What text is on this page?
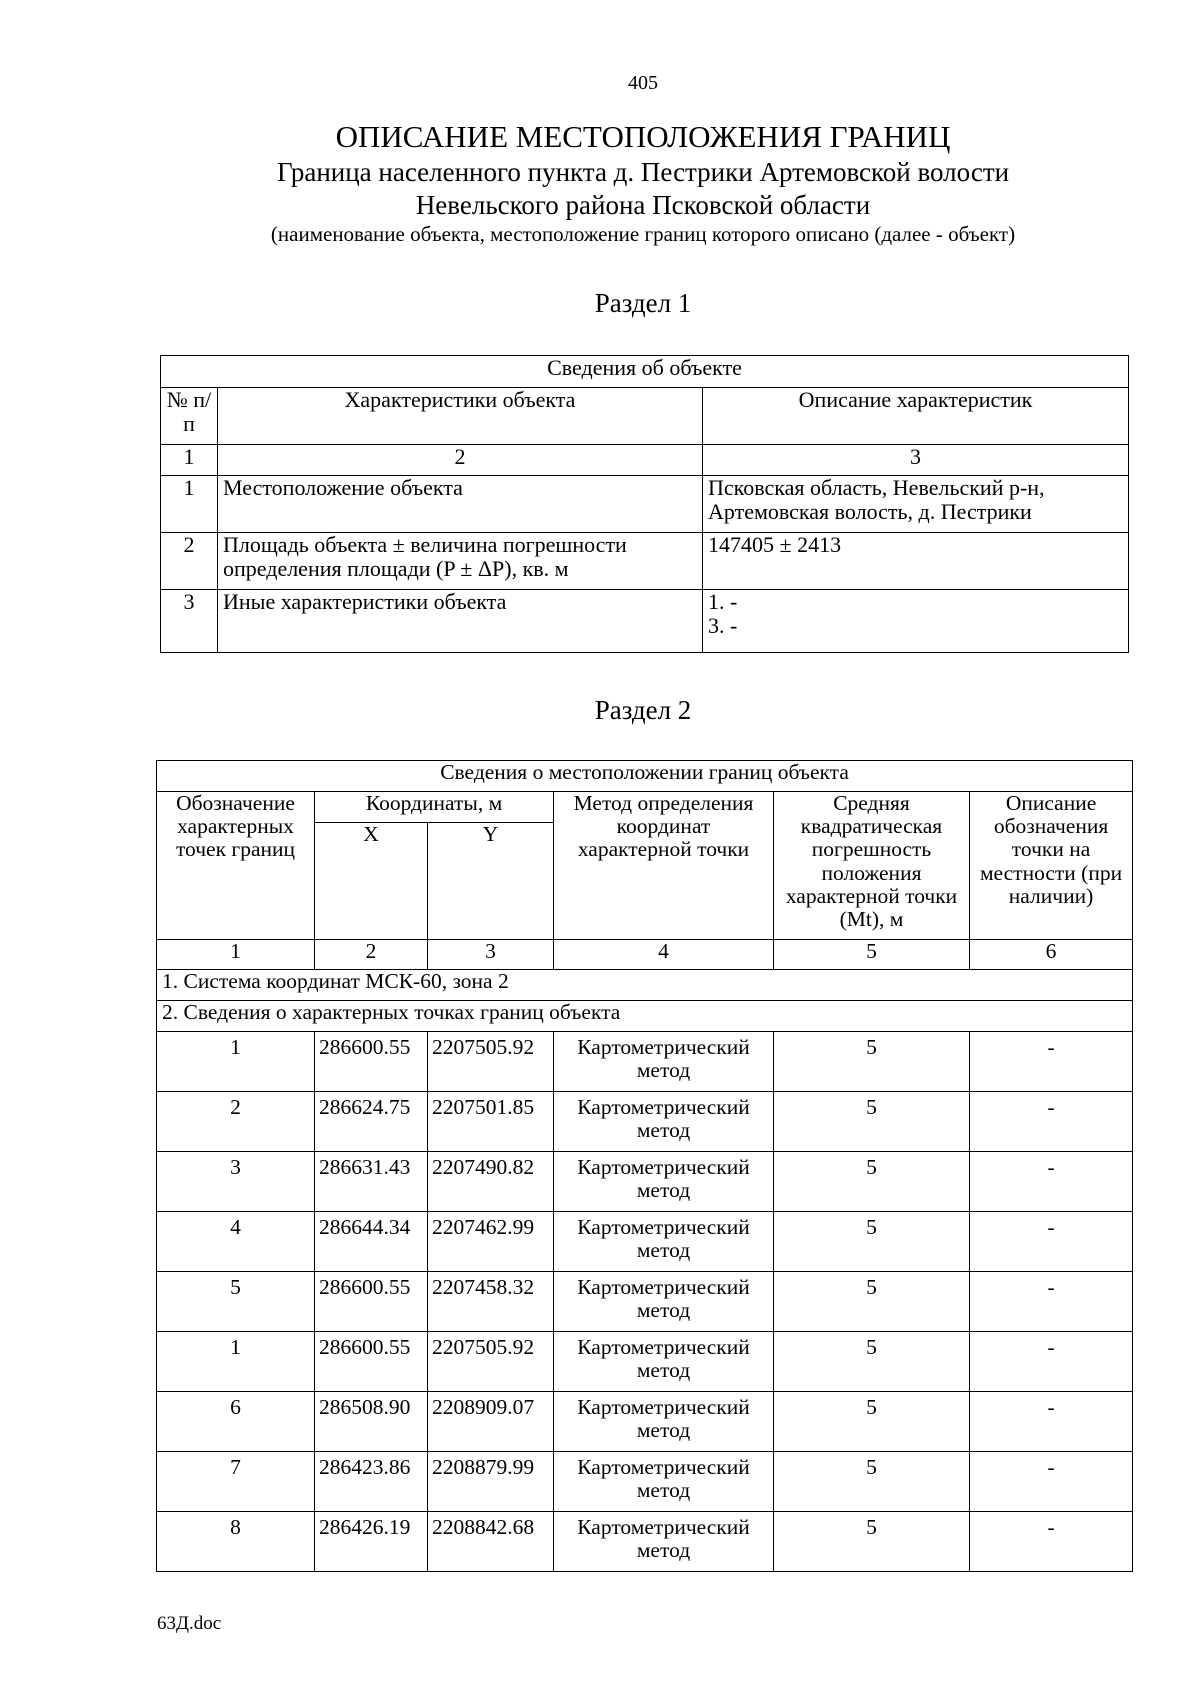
405
ОПИСАНИЕ МЕСТОПОЛОЖЕНИЯ ГРАНИЦ
Граница населенного пункта д. Пестрики Артемовской волости
Невельского района Псковской области
(наименование объекта, местоположение границ которого описано (далее - объект)
Раздел 1
Сведения об объекте		
№ п/п	Характеристики объекта	Описание характеристик
1	2	3
1	Местоположение объекта	Псковская область, Невельский р-н,
Артемовская волость, д. Пестрики

2	Площадь объекта ± величина погрешности определения площади (P ± ΔP), кв. м	147405 ± 2413

3	Иные характеристики объекта	1. -
3. -
Раздел 2
Сведения о местоположении границ объекта					
Обозначение характерных точек границ	Координаты, м		Метод определения координат характерной точки	Средняя квадратическая погрешность положения характерной точки (Mt), м	Описание обозначения точки на местности (при наличии)
	X	Y			
1	2	3	4	5	6
1. Система координат МСК-60, зона 2					
2. Сведения о характерных точках границ объекта					
1	286600.55	2207505.92	Картометрический метод	5	-
2	286624.75	2207501.85	Картометрический метод	5	-
3	286631.43	2207490.82	Картометрический метод	5	-
4	286644.34	2207462.99	Картометрический метод	5	-
5	286600.55	2207458.32	Картометрический метод	5	-
1	286600.55	2207505.92	Картометрический метод	5	-
6	286508.90	2208909.07	Картометрический метод	5	-
7	286423.86	2208879.99	Картометрический метод	5	-
8	286426.19	2208842.68	Картометрический метод	5	-
63Д.doc
